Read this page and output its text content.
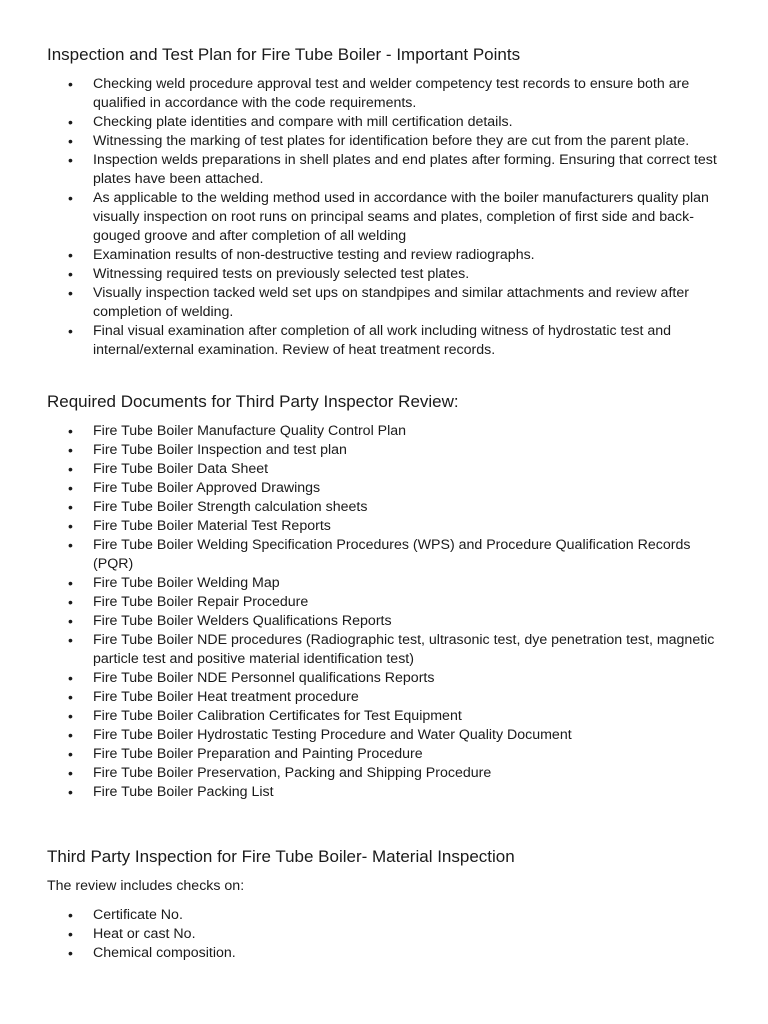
Inspection and Test Plan for Fire Tube Boiler - Important Points
• Checking weld procedure approval test and welder competency test records to ensure both are qualified in accordance with the code requirements.
• Checking plate identities and compare with mill certification details.
• Witnessing the marking of test plates for identification before they are cut from the parent plate.
• Inspection welds preparations in shell plates and end plates after forming. Ensuring that correct test plates have been attached.
• As applicable to the welding method used in accordance with the boiler manufacturers quality plan visually inspection on root runs on principal seams and plates, completion of first side and back-gouged groove and after completion of all welding
• Examination results of non-destructive testing and review radiographs.
• Witnessing required tests on previously selected test plates.
• Visually inspection tacked weld set ups on standpipes and similar attachments and review after completion of welding.
• Final visual examination after completion of all work including witness of hydrostatic test and internal/external examination. Review of heat treatment records.
Required Documents for Third Party Inspector Review:
• Fire Tube Boiler Manufacture Quality Control Plan
• Fire Tube Boiler Inspection and test plan
• Fire Tube Boiler Data Sheet
• Fire Tube Boiler Approved Drawings
• Fire Tube Boiler Strength calculation sheets
• Fire Tube Boiler Material Test Reports
• Fire Tube Boiler Welding Specification Procedures (WPS) and Procedure Qualification Records (PQR)
• Fire Tube Boiler Welding Map
• Fire Tube Boiler Repair Procedure
• Fire Tube Boiler Welders Qualifications Reports
• Fire Tube Boiler NDE procedures (Radiographic test, ultrasonic test, dye penetration test, magnetic particle test and positive material identification test)
• Fire Tube Boiler NDE Personnel qualifications Reports
• Fire Tube Boiler Heat treatment procedure
• Fire Tube Boiler Calibration Certificates for Test Equipment
• Fire Tube Boiler Hydrostatic Testing Procedure and Water Quality Document
• Fire Tube Boiler Preparation and Painting Procedure
• Fire Tube Boiler Preservation, Packing and Shipping Procedure
• Fire Tube Boiler Packing List
Third Party Inspection for Fire Tube Boiler- Material Inspection

The review includes checks on:

• Certificate No.
• Heat or cast No.
• Chemical composition.
